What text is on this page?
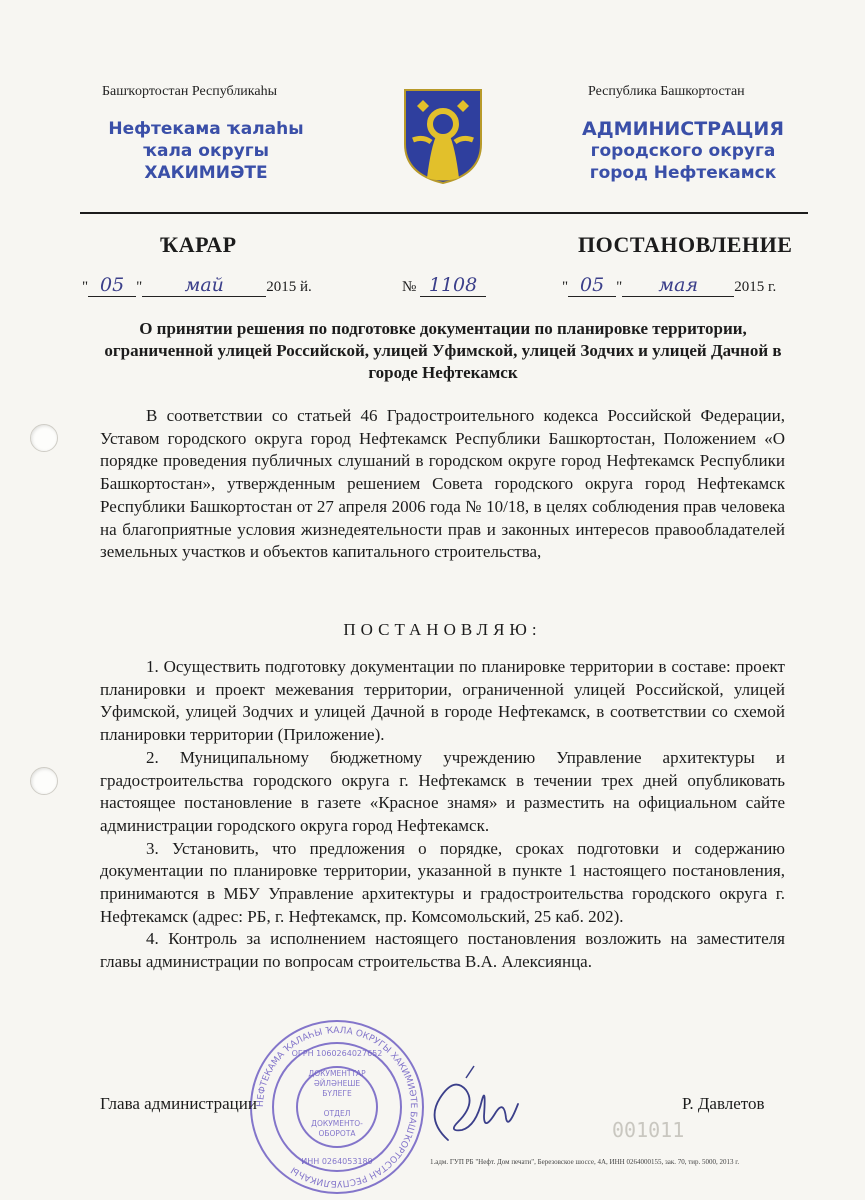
Башҡортостан Республикаһы
Нефтекама ҡалаһы
ҡала округы
ХАКИМИӘТЕ
Республика Башкортостан
АДМИНИСТРАЦИЯ
городского округа
город Нефтекамск
ҠАРАР	ПОСТАНОВЛЕНИЕ
" 05 " май	2015 й.	№ 1108	" 05 " мая 2015 г.
О принятии решения по подготовке документации по планировке территории, ограниченной улицей Российской, улицей Уфимской, улицей Зодчих и улицей Дачной в городе Нефтекамск

В соответствии со статьей 46 Градостроительного кодекса Российской Федерации, Уставом городского округа город Нефтекамск Республики Башкортостан, Положением «О порядке проведения публичных слушаний в городском округе город Нефтекамск Республики Башкортостан», утвержденным решением Совета городского округа город Нефтекамск Республики Башкортостан от 27 апреля 2006 года № 10/18, в целях соблюдения прав человека на благоприятные условия жизнедеятельности прав и законных интересов правообладателей земельных участков и объектов капитального строительства,

ПОСТАНОВЛЯЮ:

1. Осуществить подготовку документации по планировке территории в составе: проект планировки и проект межевания территории, ограниченной улицей Российской, улицей Уфимской, улицей Зодчих и улицей Дачной в городе Нефтекамск, в соответствии со схемой планировки территории (Приложение).

2. Муниципальному бюджетному учреждению Управление архитектуры и градостроительства городского округа г. Нефтекамск в течении трех дней опубликовать настоящее постановление в газете «Красное знамя» и разместить на официальном сайте администрации городского округа город Нефтекамск.

3. Установить, что предложения о порядке, сроках подготовки и содержанию документации по планировке территории, указанной в пункте 1 настоящего постановления, принимаются в МБУ Управление архитектуры и градостроительства городского округа г. Нефтекамск (адрес: РБ, г. Нефтекамск, пр. Комсомольский, 25 каб. 202).

4. Контроль за исполнением настоящего постановления возложить на заместителя главы администрации по вопросам строительства В.А. Алексиянца.

НЕФТЕКАМА ҠАЛАҺЫ ҠАЛА ОКРУГЫ ХАКИМИӘТЕ БАШҠОРТОСТАН РЕСПУБЛИКАҺЫ
ОГРН 1060264027652
ДОКУМЕНТТАР
ӘЙЛӘНЕШЕ
БҮЛЕГЕ
ОТДЕЛ
ДОКУМЕНТО-
ОБОРОТА
ИНН 0264053189
Глава администрации	Р. Давлетов
001011
1.адм. ГУП РБ "Нефт. Дом печати", Березовское шоссе, 4А, ИНН 0264000155, зак. 70, тир. 5000, 2013 г.
